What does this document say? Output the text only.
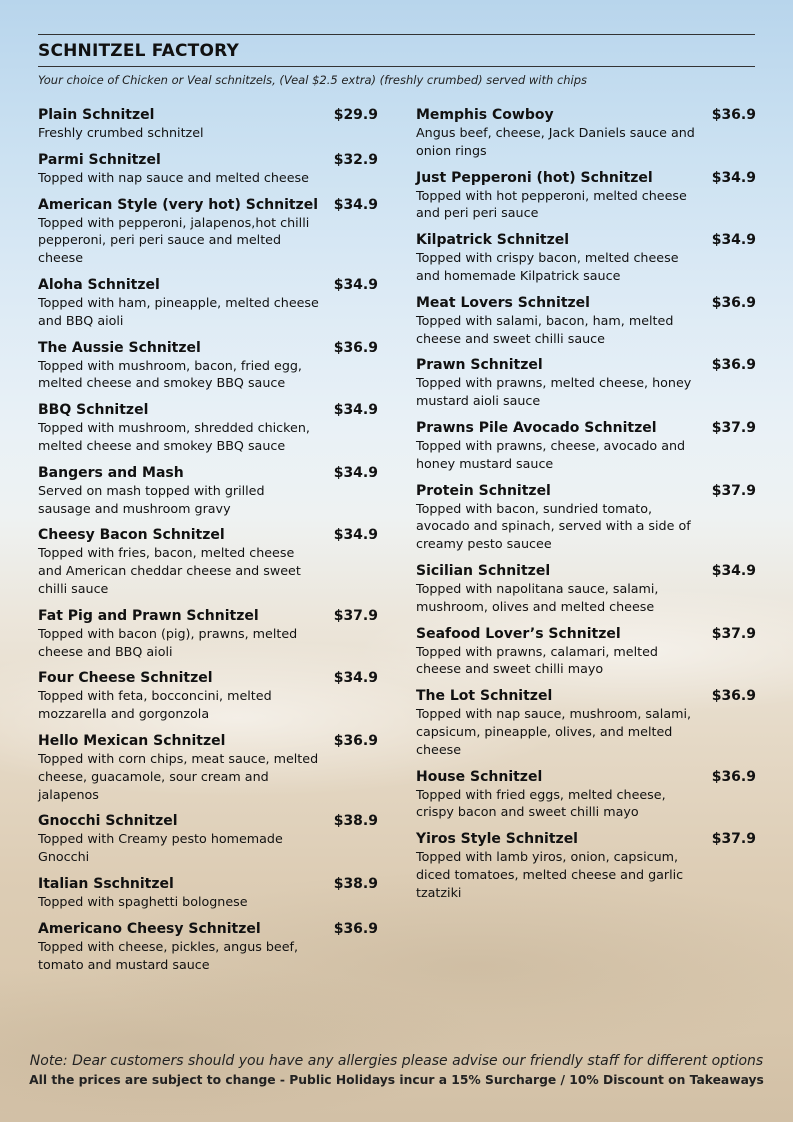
SCHNITZEL FACTORY
Your choice of Chicken or Veal schnitzels, (Veal $2.5 extra) (freshly crumbed) served with chips
Plain Schnitzel	$29.9
Freshly crumbed schnitzel
Parmi Schnitzel	$32.9
Topped with nap sauce and melted cheese
American Style (very hot) Schnitzel $34.9
Topped with pepperoni, jalapenos,hot chilli pepperoni, peri peri sauce and melted cheese
Aloha Schnitzel	$34.9
Topped with ham, pineapple, melted cheese and BBQ aioli
The Aussie Schnitzel	$36.9
Topped with mushroom, bacon, fried egg, melted cheese and smokey BBQ sauce
BBQ Schnitzel	$34.9
Topped with mushroom, shredded chicken, melted cheese and smokey BBQ sauce
Bangers and Mash	$34.9
Served on mash topped with grilled sausage and mushroom gravy
Cheesy Bacon Schnitzel	$34.9
Topped with fries, bacon, melted cheese and American cheddar cheese and sweet chilli sauce
Fat Pig and Prawn Schnitzel	$37.9
Topped with bacon (pig), prawns, melted cheese and BBQ aioli
Four Cheese Schnitzel	$34.9
Topped with feta, bocconcini, melted mozzarella and gorgonzola
Hello Mexican Schnitzel	$36.9
Topped with corn chips, meat sauce, melted cheese, guacamole, sour cream and jalapenos
Gnocchi Schnitzel	$38.9
Topped with Creamy pesto homemade Gnocchi
Italian Sschnitzel	$38.9
Topped with spaghetti bolognese
Americano Cheesy Schnitzel	$36.9
Topped with cheese, pickles, angus beef, tomato and mustard sauce
Memphis Cowboy	$36.9
Angus beef, cheese, Jack Daniels sauce and onion rings
Just Pepperoni (hot) Schnitzel	$34.9
Topped with hot pepperoni, melted cheese and peri peri sauce
Kilpatrick Schnitzel	$34.9
Topped with crispy bacon, melted cheese and homemade Kilpatrick sauce
Meat Lovers Schnitzel	$36.9
Topped with salami, bacon, ham, melted cheese and sweet chilli sauce
Prawn Schnitzel	$36.9
Topped with prawns, melted cheese, honey mustard aioli sauce
Prawns Pile Avocado Schnitzel	$37.9
Topped with prawns, cheese, avocado and honey mustard sauce
Protein Schnitzel	$37.9
Topped with bacon, sundried tomato, avocado and spinach, served with a side of creamy pesto saucee
Sicilian Schnitzel	$34.9
Topped with napolitana sauce, salami, mushroom, olives and melted cheese
Seafood Lover’s Schnitzel	$37.9
Topped with prawns, calamari, melted cheese and sweet chilli mayo
The Lot Schnitzel	$36.9
Topped with nap sauce, mushroom, salami, capsicum, pineapple, olives, and melted cheese
House Schnitzel	$36.9
Topped with fried eggs, melted cheese, crispy bacon and sweet chilli mayo
Yiros Style Schnitzel	$37.9
Topped with lamb yiros, onion, capsicum, diced tomatoes, melted cheese and garlic tzatziki
Note: Dear customers should you have any allergies please advise our friendly staff for different options
All the prices are subject to change - Public Holidays incur a 15% Surcharge / 10% Discount on Takeaways
